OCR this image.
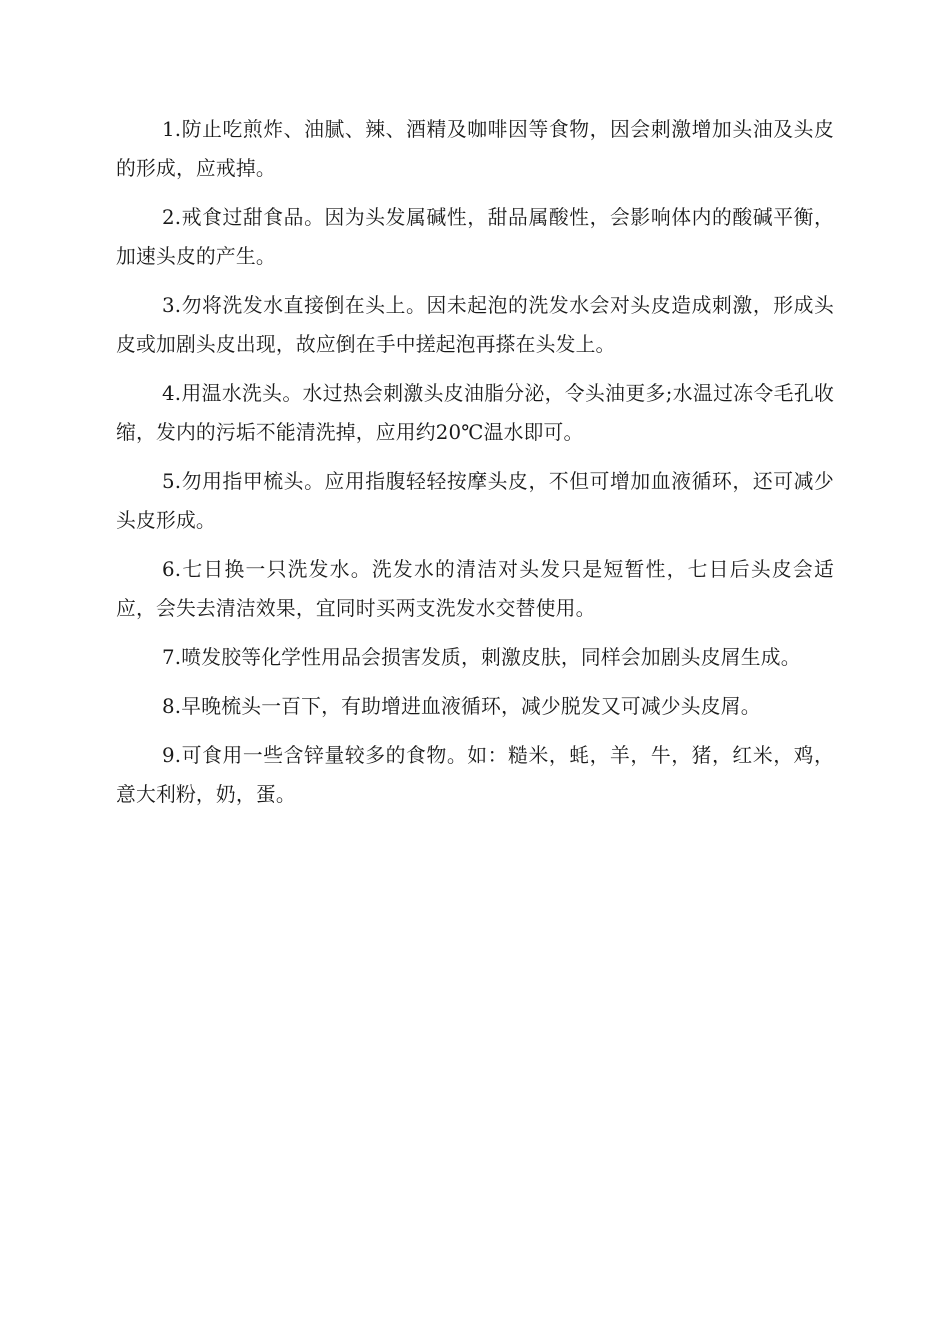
1.防止吃煎炸、油腻、辣、酒精及咖啡因等食物，因会刺激增加头油及头皮的形成，应戒掉。

2.戒食过甜食品。因为头发属碱性，甜品属酸性，会影响体内的酸碱平衡，加速头皮的产生。

3.勿将洗发水直接倒在头上。因未起泡的洗发水会对头皮造成刺激，形成头皮或加剧头皮出现，故应倒在手中搓起泡再搽在头发上。

4.用温水洗头。水过热会刺激头皮油脂分泌，令头油更多;水温过冻令毛孔收缩，发内的污垢不能清洗掉，应用约20℃温水即可。

5.勿用指甲梳头。应用指腹轻轻按摩头皮，不但可增加血液循环，还可减少头皮形成。

6.七日换一只洗发水。洗发水的清洁对头发只是短暂性，七日后头皮会适应，会失去清洁效果，宜同时买两支洗发水交替使用。

7.喷发胶等化学性用品会损害发质，刺激皮肤，同样会加剧头皮屑生成。

8.早晚梳头一百下，有助增进血液循环，减少脱发又可减少头皮屑。

9.可食用一些含锌量较多的食物。如：糙米，蚝，羊，牛，猪，红米，鸡，意大利粉，奶，蛋。
